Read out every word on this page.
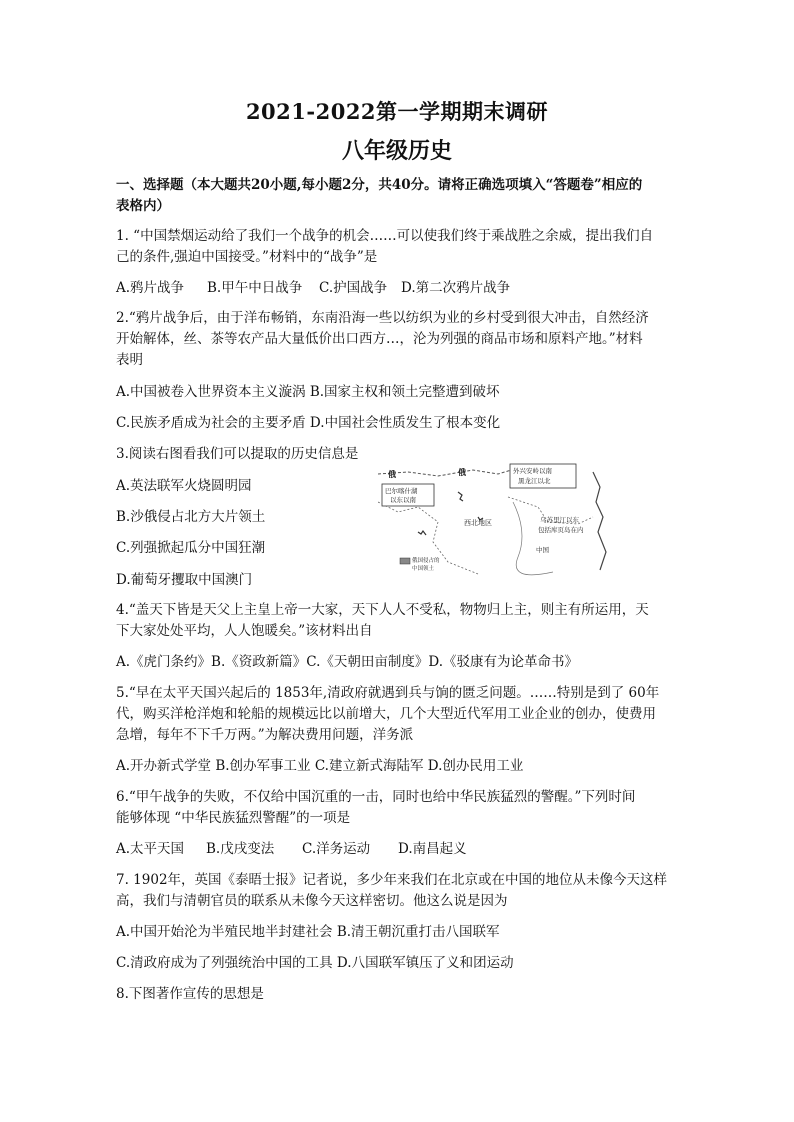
2021-2022第一学期期末调研
八年级历史
一、选择题（本大题共20小题,每小题2分，共40分。请将正确选项填入“答题卷”相应的
表格内）
1. “中国禁烟运动给了我们一个战争的机会……可以使我们终于乘战胜之余威，提出我们自
己的条件,强迫中国接受。”材料中的“战争”是
A.鸦片战争 B.甲午中日战争 C.护国战争 D.第二次鸦片战争
2.“鸦片战争后，由于洋布畅销，东南沿海一些以纺织为业的乡村受到很大冲击，自然经济
开始解体，丝、茶等农产品大量低价出口西方…，沦为列强的商品市场和原料产地。”材料
表明
A.中国被卷入世界资本主义漩涡 B.国家主权和领土完整遭到破坏
C.民族矛盾成为社会的主要矛盾 D.中国社会性质发生了根本变化
3.阅读右图看我们可以提取的历史信息是
A.英法联军火烧圆明园
B.沙俄侵占北方大片领土
C.列强掀起瓜分中国狂潮
D.葡萄牙攫取中国澳门
俄	俄
巴尔喀什湖
以东以南
外兴安岭以南
黑龙江以北
西北地区	乌苏里江以东
包括库页岛在内
中国
俄国侵占的
中国领土
4.“盖天下皆是天父上主皇上帝一大家，天下人人不受私，物物归上主，则主有所运用，天
下大家处处平均，人人饱暖矣。”该材料出自
A.《虎门条约》B.《资政新篇》C.《天朝田亩制度》D.《驳康有为论革命书》
5.“早在太平天国兴起后的 1853年,清政府就遇到兵与饷的匮乏问题。……特别是到了 60年
代，购买洋枪洋炮和轮船的规模远比以前增大，几个大型近代军用工业企业的创办，使费用
急增，每年不下千万两。”为解决费用问题，洋务派
A.开办新式学堂 B.创办军事工业 C.建立新式海陆军 D.创办民用工业
6.“甲午战争的失败，不仅给中国沉重的一击，同时也给中华民族猛烈的警醒。”下列时间
能够体现 “中华民族猛烈警醒”的一项是
A.太平天国 B.戊戌变法 C.洋务运动 D.南昌起义
7. 1902年，英国《泰晤士报》记者说，多少年来我们在北京或在中国的地位从未像今天这样
高，我们与清朝官员的联系从未像今天这样密切。他这么说是因为
A.中国开始沦为半殖民地半封建社会 B.清王朝沉重打击八国联军
C.清政府成为了列强统治中国的工具 D.八国联军镇压了义和团运动
8.下图著作宣传的思想是
